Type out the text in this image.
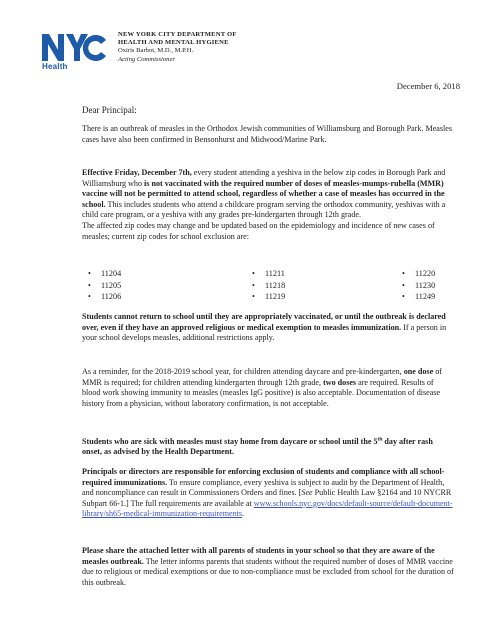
Health
NEW YORK CITY DEPARTMENT OF
HEALTH AND MENTAL HYGIENE
Oxiris Barbot, M.D., M.P.H.
Acting Commissioner
December 6, 2018
Dear Principal:

There is an outbreak of measles in the Orthodox Jewish communities of Williamsburg and Borough Park. Measles cases have also been confirmed in Bensonhurst and Midwood/Marine Park.

Effective Friday, December 7th, every student attending a yeshiva in the below zip codes in Borough Park and Williamsburg who is not vaccinated with the required number of doses of measles-mumps-rubella (MMR) vaccine will not be permitted to attend school, regardless of whether a case of measles has occurred in the school. This includes students who attend a childcare program serving the orthodox community, yeshivas with a child care program, or a yeshiva with any grades pre-kindergarten through 12th grade.

The affected zip codes may change and be updated based on the epidemiology and incidence of new cases of measles; current zip codes for school exclusion are:

• 11204
• 11205
• 11206
• 11211
• 11218
• 11219
• 11220
• 11230
• 11249

Students cannot return to school until they are appropriately vaccinated, or until the outbreak is declared over, even if they have an approved religious or medical exemption to measles immunization. If a person in your school develops measles, additional restrictions apply.

As a reminder, for the 2018-2019 school year, for children attending daycare and pre-kindergarten, one dose of MMR is required; for children attending kindergarten through 12th grade, two doses are required. Results of blood work showing immunity to measles (measles IgG positive) is also acceptable. Documentation of disease history from a physician, without laboratory confirmation, is not acceptable.

Students who are sick with measles must stay home from daycare or school until the 5th day after rash onset, as advised by the Health Department.

Principals or directors are responsible for enforcing exclusion of students and compliance with all school-required immunizations. To ensure compliance, every yeshiva is subject to audit by the Department of Health, and noncompliance can result in Commissioners Orders and fines. [See Public Health Law §2164 and 10 NYCRR Subpart 66-1.] The full requirements are available at www.schools.nyc.gov/docs/default-source/default-document-library/sh65-medical-immunization-requirements.

Please share the attached letter with all parents of students in your school so that they are aware of the measles outbreak. The letter informs parents that students without the required number of doses of MMR vaccine due to religious or medical exemptions or due to non-compliance must be excluded from school for the duration of this outbreak.
